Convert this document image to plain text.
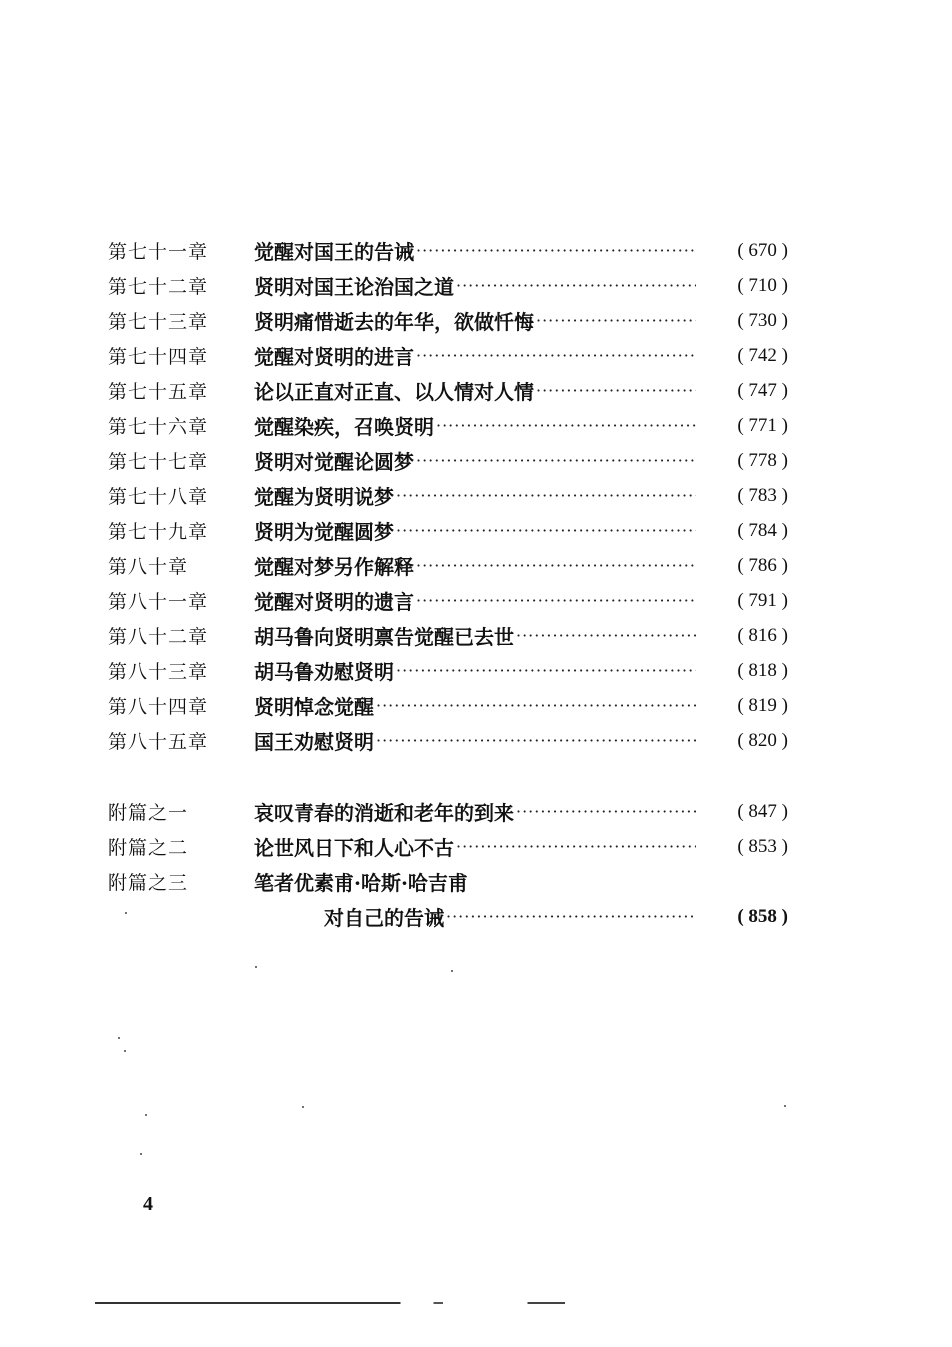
第七十一章	觉醒对国王的告诫 ·····	( 670 )
第七十二章	贤明对国王论治国之道 ·····	( 710 )
第七十三章	贤明痛惜逝去的年华，欲做忏悔 ·····	( 730 )
第七十四章	觉醒对贤明的进言 ·····	( 742 )
第七十五章	论以正直对正直、以人情对人情 ·····	( 747 )
第七十六章	觉醒染疾，召唤贤明 ·····	( 771 )
第七十七章	贤明对觉醒论圆梦 ·····	( 778 )
第七十八章	觉醒为贤明说梦 ·····	( 783 )
第七十九章	贤明为觉醒圆梦 ·····	( 784 )
第八十章	觉醒对梦另作解释 ·····	( 786 )
第八十一章	觉醒对贤明的遗言 ·····	( 791 )
第八十二章	胡马鲁向贤明禀告觉醒已去世 ·····	( 816 )
第八十三章	胡马鲁劝慰贤明 ·····	( 818 )
第八十四章	贤明悼念觉醒 ·····	( 819 )
第八十五章	国王劝慰贤明 ·····	( 820 )
附篇之一	哀叹青春的消逝和老年的到来 ·····	( 847 )
附篇之二	论世风日下和人心不古 ·····	( 853 )
附篇之三	笔者优素甫·哈斯·哈吉甫
对自己的告诫 ·····	( 858 )
4
